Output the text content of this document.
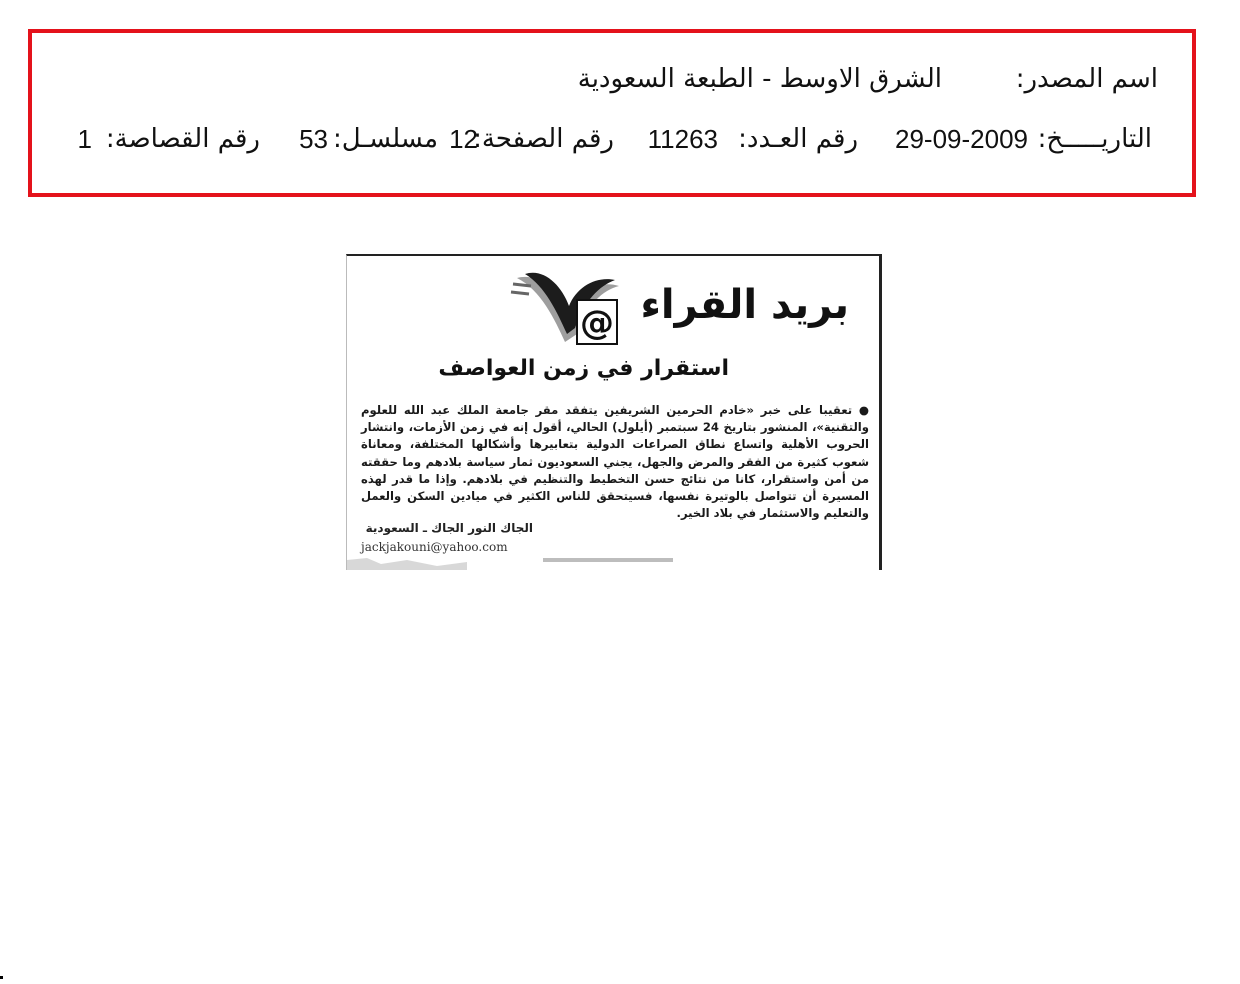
اسم المصدر:
الشرق الاوسط - الطبعة السعودية
التاريـــــخ:
29-09-2009
رقم العـدد:
11263
رقم الصفحة:
12
مسلسـل:
53
رقم القصاصة:
1
بريد القراء
@
استقرار في زمن العواصف
● تعقيبا على خبر «خادم الحرمين الشريفين يتفقد مقر جامعة الملك عبد الله للعلوم والتقنية»، المنشور بتاريخ 24 سبتمبر (أيلول) الحالي، أقول إنه في زمن الأزمات، وانتشار الحروب الأهلية واتساع نطاق الصراعات الدولية بتعابيرها وأشكالها المختلفة، ومعاناة شعوب كثيرة من الفقر والمرض والجهل، يجني السعوديون ثمار سياسة بلادهم وما حققته من أمن واستقرار، كانا من نتائج حسن التخطيط والتنظيم في بلادهم. وإذا ما قدر لهذه المسيرة أن تتواصل بالوتيرة نفسها، فسيتحقق للناس الكثير في ميادين السكن والعمل والتعليم والاستثمار في بلاد الخير.
الجاك النور الجاك ـ السعودية
jackjakouni@yahoo.com
